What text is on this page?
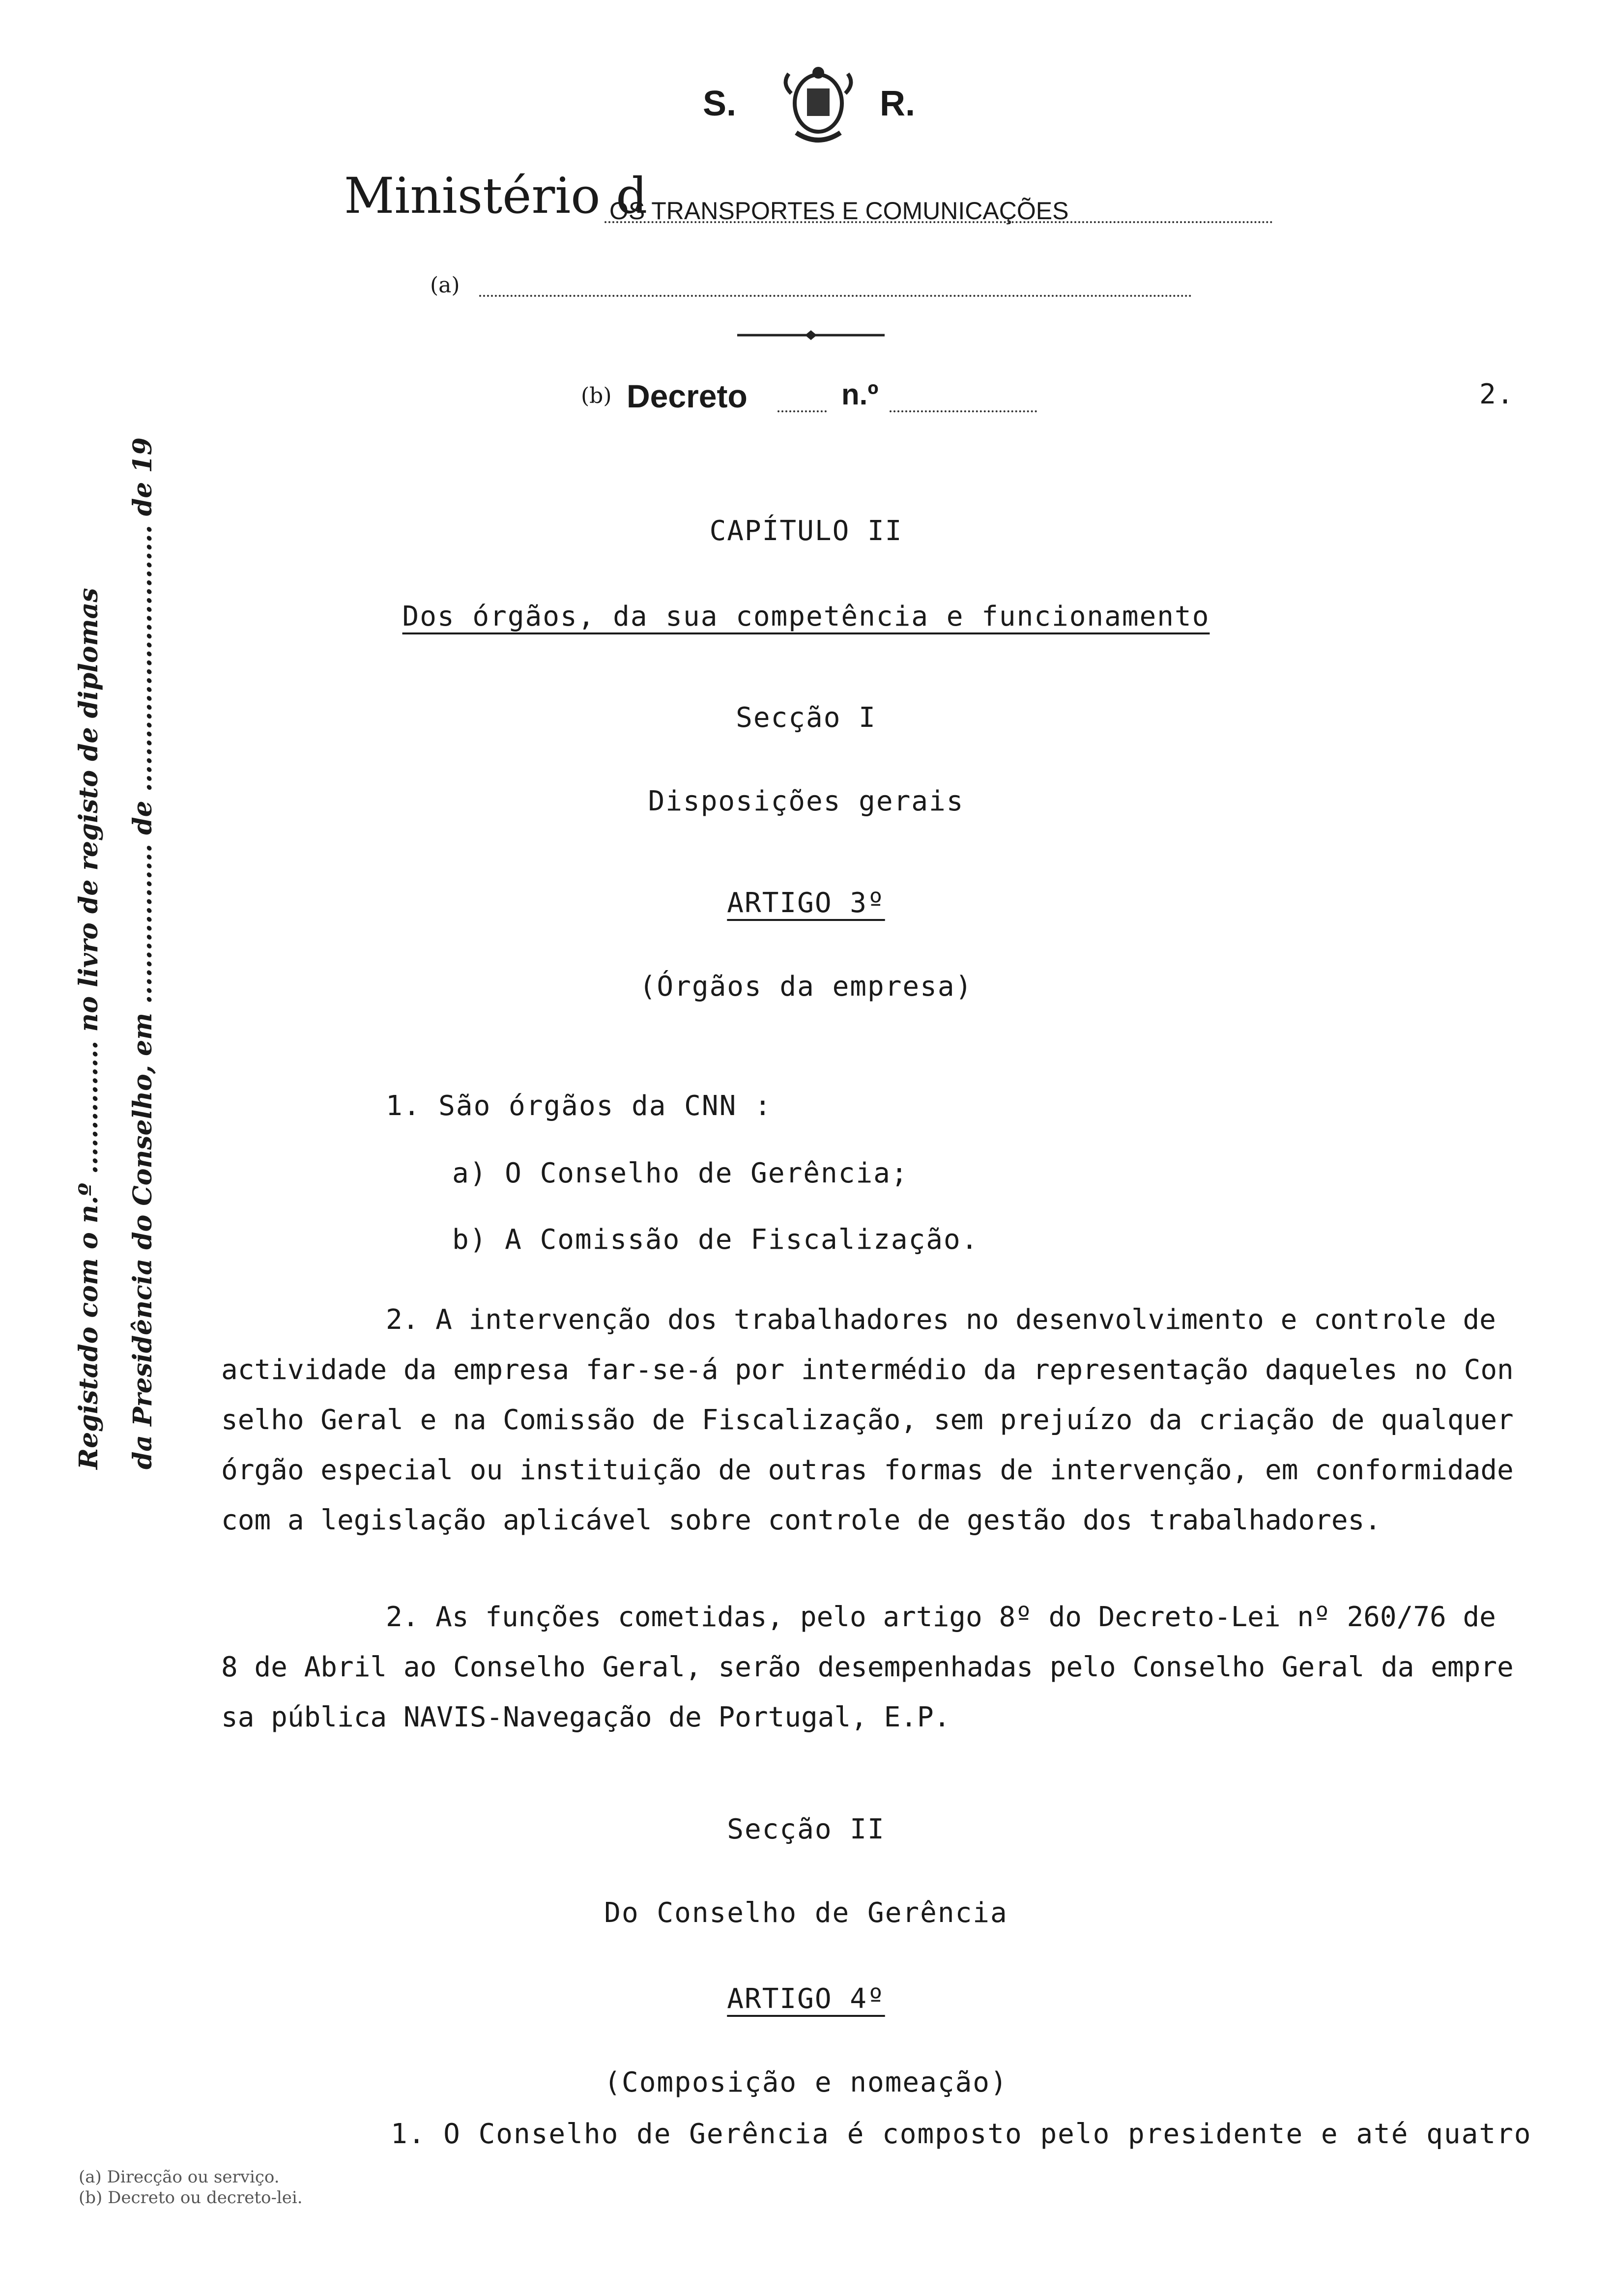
S.	R.
Ministério d
OS TRANSPORTES E COMUNICAÇÕES
(a)
(b) Decreto	n.º	2.
Registado com o n.º ............... no livro de registo de diplomas da Presidência do Conselho, em .................. de .............................. de 19	CAPÍTULO II
Dos órgãos, da sua competência e funcionamento
Secção I
Disposições gerais
ARTIGO 3º
(Órgãos da empresa)
1. São órgãos da CNN :
a) O Conselho de Gerência;
b) A Comissão de Fiscalização.
2. A intervenção dos trabalhadores no desenvolvimento e controle de
actividade da empresa far-se-á por intermédio da representação daqueles no Con
selho Geral e na Comissão de Fiscalização, sem prejuízo da criação de qualquer
órgão especial ou instituição de outras formas de intervenção, em conformidade
com a legislação aplicável sobre controle de gestão dos trabalhadores.
2. As funções cometidas, pelo artigo 8º do Decreto-Lei nº 260/76 de
8 de Abril ao Conselho Geral, serão desempenhadas pelo Conselho Geral da empre
sa pública NAVIS-Navegação de Portugal, E.P.
Secção II
Do Conselho de Gerência
ARTIGO 4º
(Composição e nomeação)
1. O Conselho de Gerência é composto pelo presidente e até quatro
(a) Direcção ou serviço.
(b) Decreto ou decreto-lei.
